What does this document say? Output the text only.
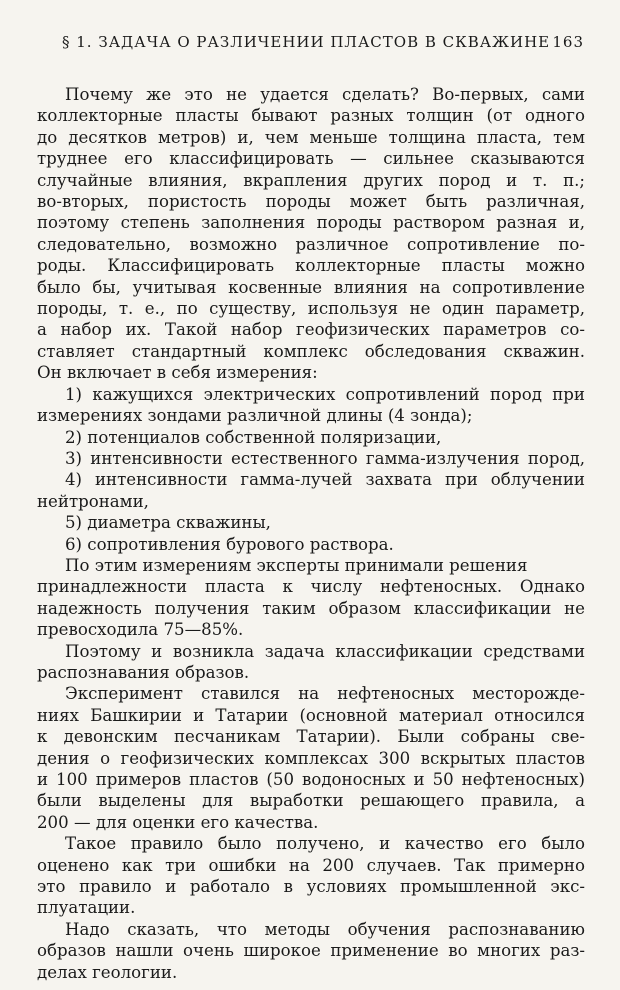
§ 1. ЗАДАЧА О РАЗЛИЧЕНИИ ПЛАСТОВ В СКВАЖИНЕ 163
Почему же это не удается сделать? Во-первых, сами
коллекторные пласты бывают разных толщин (от одного
до десятков метров) и, чем меньше толщина пласта, тем
труднее его классифицировать — сильнее сказываются
случайные влияния, вкрапления других пород и т. п.;
во-вторых, пористость породы может быть различная,
поэтому степень заполнения породы раствором разная и,
следовательно, возможно различное сопротивление по-
роды. Классифицировать коллекторные пласты можно
было бы, учитывая косвенные влияния на сопротивление
породы, т. е., по существу, используя не один параметр,
а набор их. Такой набор геофизических параметров со-
ставляет стандартный комплекс обследования скважин.
Он включает в себя измерения:
1) кажущихся электрических сопротивлений пород при
измерениях зондами различной длины (4 зонда);
2) потенциалов собственной поляризации,
3) интенсивности естественного гамма-излучения пород,
4) интенсивности гамма-лучей захвата при облучении
нейтронами,
5) диаметра скважины,
6) сопротивления бурового раствора.
По этим измерениям эксперты принимали решения
принадлежности пласта к числу нефтеносных. Однако
надежность получения таким образом классификации не
превосходила 75—85%.
Поэтому и возникла задача классификации средствами
распознавания образов.
Эксперимент ставился на нефтеносных месторожде-
ниях Башкирии и Татарии (основной материал относился
к девонским песчаникам Татарии). Были собраны све-
дения о геофизических комплексах 300 вскрытых пластов
и 100 примеров пластов (50 водоносных и 50 нефтеносных)
были выделены для выработки решающего правила, а
200 — для оценки его качества.
Такое правило было получено, и качество его было
оценено как три ошибки на 200 случаев. Так примерно
это правило и работало в условиях промышленной экс-
плуатации.
Надо сказать, что методы обучения распознаванию
образов нашли очень широкое применение во многих раз-
делах геологии.
